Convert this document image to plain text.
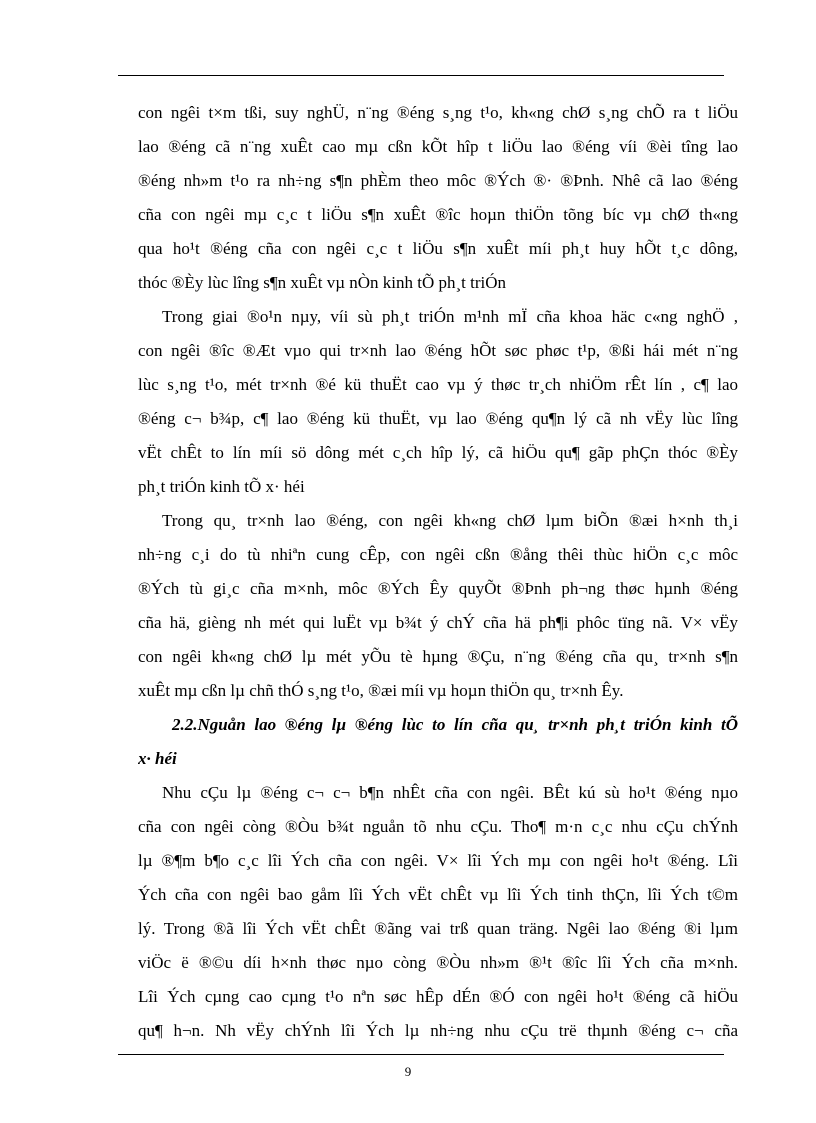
con ngêi t×m tßi, suy nghÜ, n¨ng ®éng s¸ng t¹o, kh«ng chØ s¸ng chÕ ra t liÖu
lao ®éng cã n¨ng xuÊt cao mµ cßn kÕt hîp t liÖu lao ®éng víi ®èi tîng lao
®éng nh»m t¹o ra nh÷ng s¶n phÈm theo môc ®Ých ®· ®Þnh. Nhê cã lao ®éng
cña con ngêi mµ c¸c t liÖu s¶n xuÊt ®îc hoµn thiÖn tõng bíc vµ chØ th«ng
qua ho¹t ®éng cña con ngêi c¸c t liÖu s¶n xuÊt míi ph¸t huy hÕt t¸c dông,
thóc ®Èy lùc lîng s¶n xuÊt vµ nÒn kinh tÕ ph¸t triÓn
Trong giai ®o¹n nµy, víi sù ph¸t triÓn m¹nh mÏ cña khoa häc c«ng nghÖ ,
con ngêi ®îc ®Æt vµo qui tr×nh lao ®éng hÕt søc phøc t¹p, ®ßi hái mét n¨ng
lùc s¸ng t¹o, mét tr×nh ®é kü thuËt cao vµ ý thøc tr¸ch nhiÖm rÊt lín , c¶ lao
®éng c¬ b¾p, c¶ lao ®éng kü thuËt, vµ lao ®éng qu¶n lý cã nh vËy lùc lîng
vËt chÊt to lín míi sö dông mét c¸ch hîp lý, cã hiÖu qu¶ gãp phÇn thóc ®Èy
ph¸t triÓn kinh tÕ x· héi
Trong qu¸ tr×nh lao ®éng, con ngêi kh«ng chØ lµm biÕn ®æi h×nh th¸i
nh÷ng c¸i do tù nhiªn cung cÊp, con ngêi cßn ®ång thêi thùc hiÖn c¸c môc
®Ých tù gi¸c cña m×nh, môc ®Ých Êy quyÕt ®Þnh ph¬ng thøc hµnh ®éng
cña hä, gièng nh mét qui luËt vµ b¾t ý chÝ cña hä ph¶i phôc tïng nã. V× vËy
con ngêi kh«ng chØ lµ mét yÕu tè hµng ®Çu, n¨ng ®éng cña qu¸ tr×nh s¶n
xuÊt mµ cßn lµ chñ thÓ s¸ng t¹o, ®æi míi vµ hoµn thiÖn qu¸ tr×nh Êy.
2.2.Nguån lao ®éng lµ ®éng lùc to lín cña qu¸ tr×nh ph¸t triÓn kinh tÕ
x· héi
Nhu cÇu lµ ®éng c¬ c¬ b¶n nhÊt cña con ngêi. BÊt kú sù ho¹t ®éng nµo
cña con ngêi còng ®Òu b¾t nguån tõ nhu cÇu. Tho¶ m·n c¸c nhu cÇu chÝnh
lµ ®¶m b¶o c¸c lîi Ých cña con ngêi. V× lîi Ých mµ con ngêi ho¹t ®éng. Lîi
Ých cña con ngêi bao gåm lîi Ých vËt chÊt vµ lîi Ých tinh thÇn, lîi Ých t©m
lý. Trong ®ã lîi Ých vËt chÊt ®ãng vai trß quan träng. Ngêi lao ®éng ®i lµm
viÖc ë ®©u díi h×nh thøc nµo còng ®Òu nh»m ®¹t ®îc lîi Ých cña m×nh.
Lîi Ých cµng cao cµng t¹o nªn søc hÊp dÉn ®Ó con ngêi ho¹t ®éng cã hiÖu
qu¶ h¬n. Nh vËy chÝnh lîi Ých lµ nh÷ng nhu cÇu trë thµnh ®éng c¬ cña
9
